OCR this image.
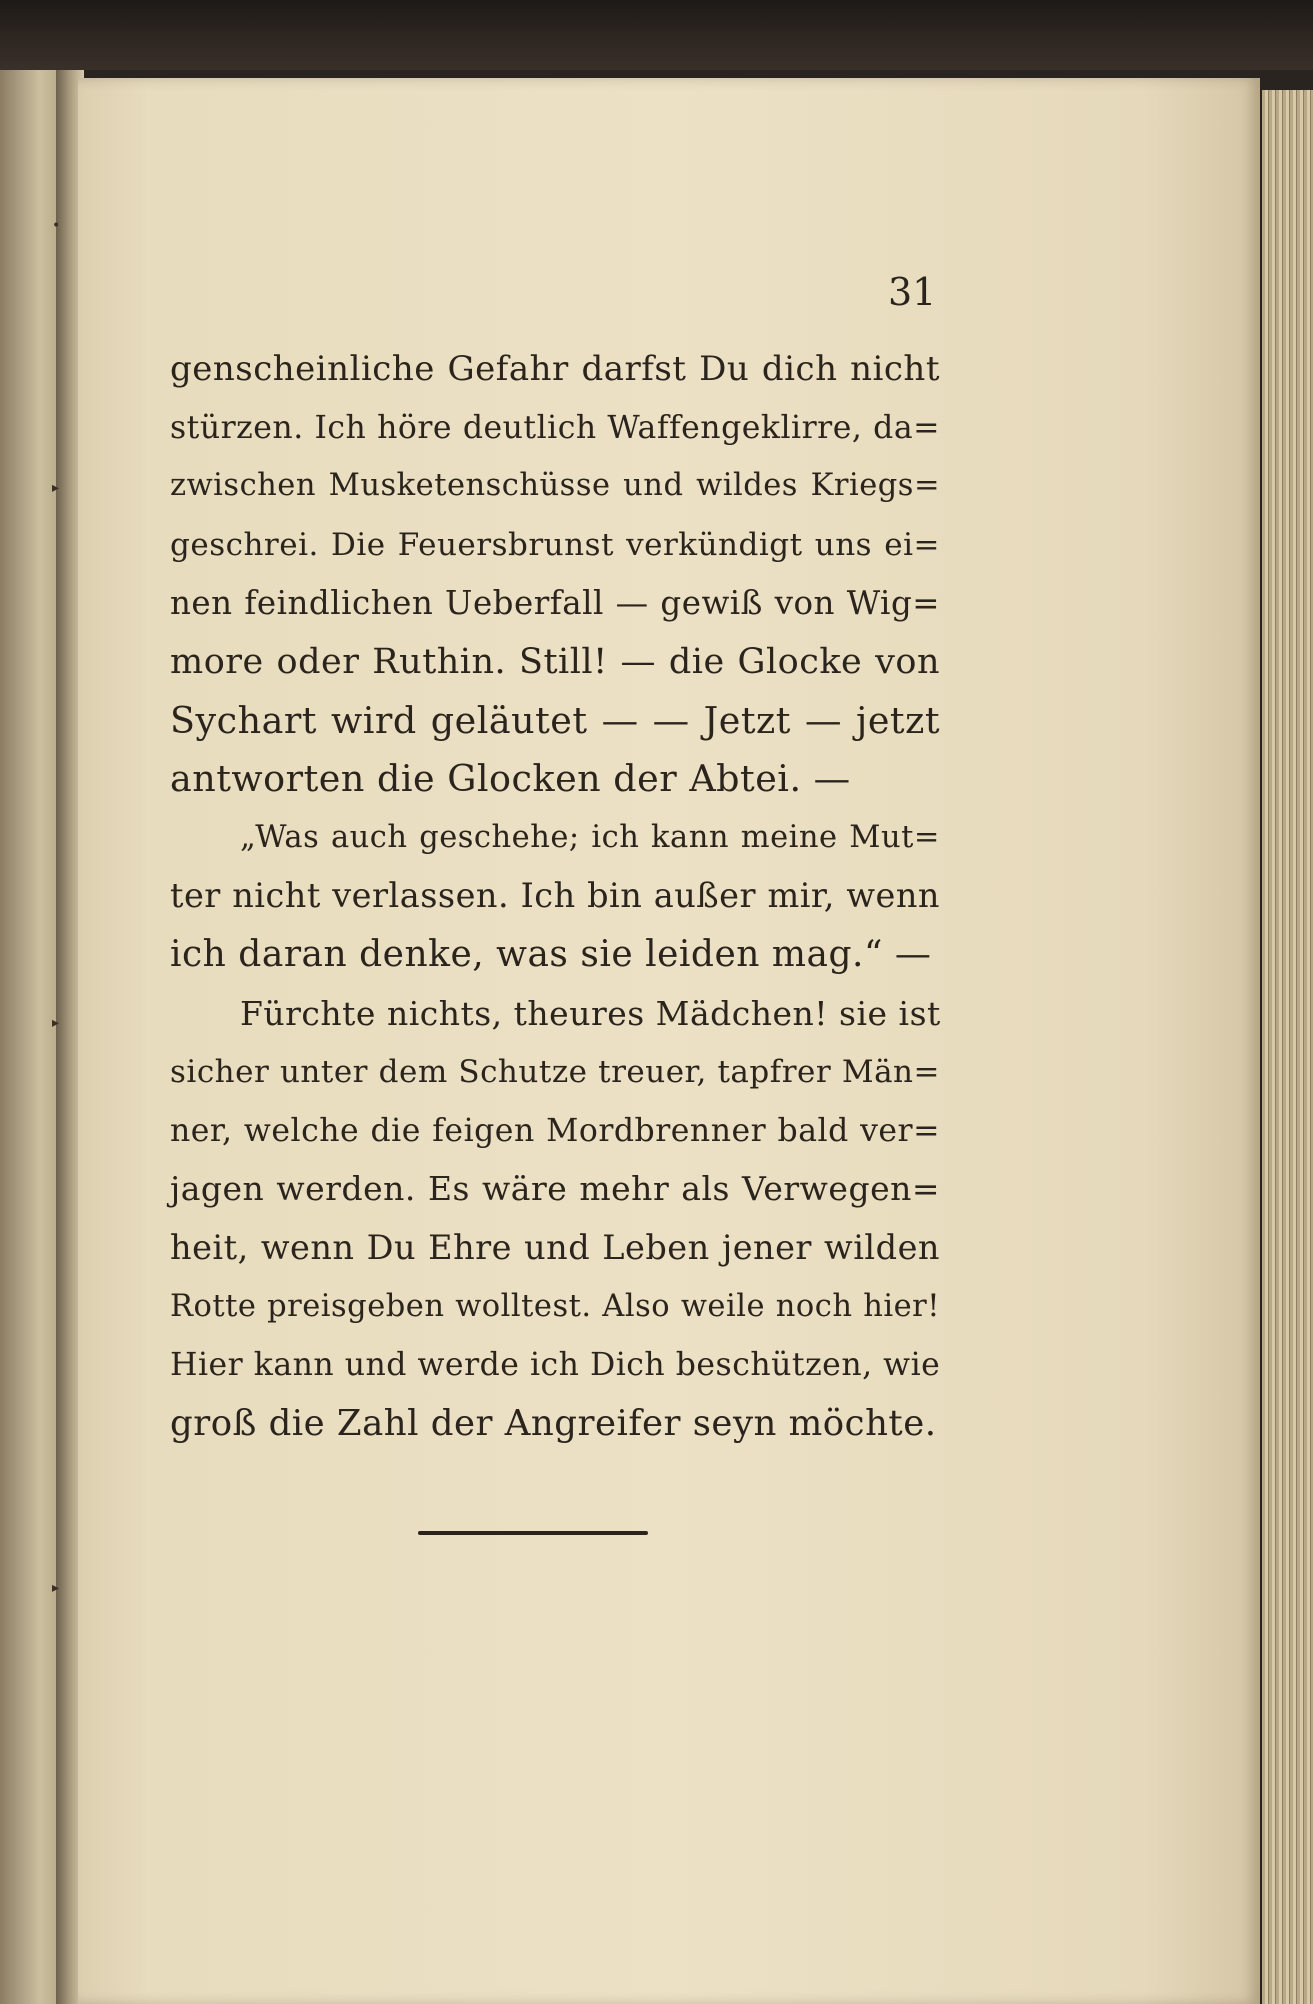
•
▸
▸
▸
31
genscheinliche Gefahr darfst Du dich nicht
stürzen. Ich höre deutlich Waffengeklirre, da=
zwischen Musketenschüsse und wildes Kriegs=
geschrei. Die Feuersbrunst verkündigt uns ei=
nen feindlichen Ueberfall — gewiß von Wig=
more oder Ruthin. Still! — die Glocke von
Sychart wird geläutet — — Jetzt — jetzt
antworten die Glocken der Abtei. —
„Was auch geschehe; ich kann meine Mut=
ter nicht verlassen. Ich bin außer mir, wenn
ich daran denke, was sie leiden mag.“ —
Fürchte nichts, theures Mädchen! sie ist
sicher unter dem Schutze treuer, tapfrer Män=
ner, welche die feigen Mordbrenner bald ver=
jagen werden. Es wäre mehr als Verwegen=
heit, wenn Du Ehre und Leben jener wilden
Rotte preisgeben wolltest. Also weile noch hier!
Hier kann und werde ich Dich beschützen, wie
groß die Zahl der Angreifer seyn möchte.
